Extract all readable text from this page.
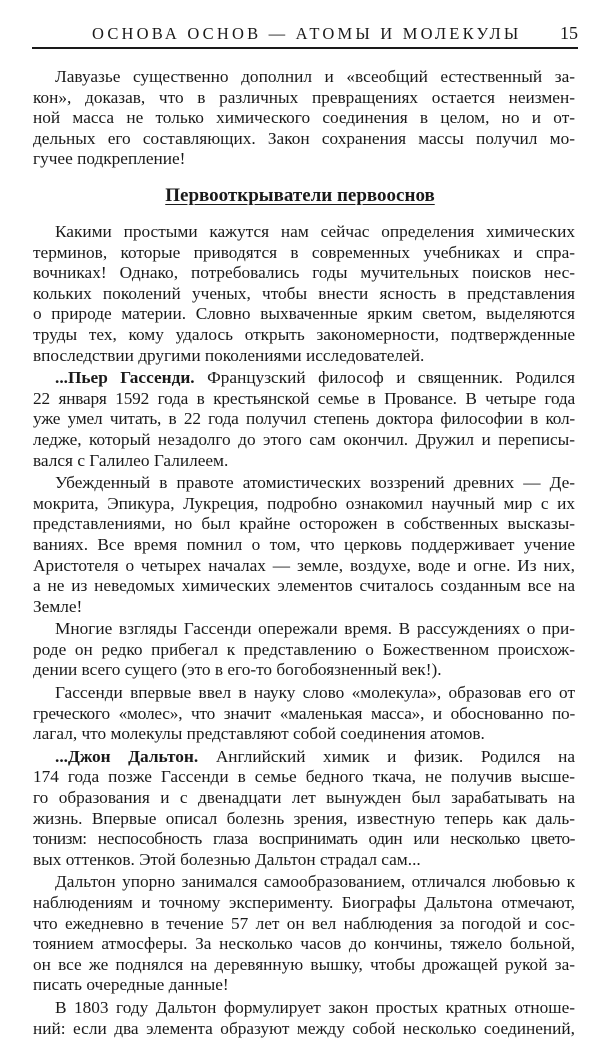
ОСНОВА ОСНОВ — АТОМЫ И МОЛЕКУЛЫ 15
Лавуазье существенно дополнил и «всеобщий естественный за-
кон», доказав, что в различных превращениях остается неизмен-
ной масса не только химического соединения в целом, но и от-
дельных его составляющих. Закон сохранения массы получил мо-
гучее подкрепление!
Первооткрыватели первооснов
Какими простыми кажутся нам сейчас определения химических
терминов, которые приводятся в современных учебниках и спра-
вочниках! Однако, потребовались годы мучительных поисков нес-
кольких поколений ученых, чтобы внести ясность в представления
о природе материи. Словно выхваченные ярким светом, выделяются
труды тех, кому удалось открыть закономерности, подтвержденные
впоследствии другими поколениями исследователей.
...Пьер Гассенди. Французский философ и священник. Родился
22 января 1592 года в крестьянской семье в Провансе. В четыре года
уже умел читать, в 22 года получил степень доктора философии в кол-
ледже, который незадолго до этого сам окончил. Дружил и переписы-
вался с Галилео Галилеем.
Убежденный в правоте атомистических воззрений древних — Де-
мокрита, Эпикура, Лукреция, подробно ознакомил научный мир с их
представлениями, но был крайне осторожен в собственных высказы-
ваниях. Все время помнил о том, что церковь поддерживает учение
Аристотеля о четырех началах — земле, воздухе, воде и огне. Из них,
а не из неведомых химических элементов считалось созданным все на
Земле!
Многие взгляды Гассенди опережали время. В рассуждениях о при-
роде он редко прибегал к представлению о Божественном происхож-
дении всего сущего (это в его-то богобоязненный век!).
Гассенди впервые ввел в науку слово «молекула», образовав его от
греческого «молес», что значит «маленькая масса», и обоснованно по-
лагал, что молекулы представляют собой соединения атомов.
...Джон Дальтон. Английский химик и физик. Родился на
174 года позже Гассенди в семье бедного ткача, не получив высше-
го образования и с двенадцати лет вынужден был зарабатывать на
жизнь. Впервые описал болезнь зрения, известную теперь как даль-
тонизм: неспособность глаза воспринимать один или несколько цвето-
вых оттенков. Этой болезнью Дальтон страдал сам...
Дальтон упорно занимался самообразованием, отличался любовью к
наблюдениям и точному эксперименту. Биографы Дальтона отмечают,
что ежедневно в течение 57 лет он вел наблюдения за погодой и сос-
тоянием атмосферы. За несколько часов до кончины, тяжело больной,
он все же поднялся на деревянную вышку, чтобы дрожащей рукой за-
писать очередные данные!
В 1803 году Дальтон формулирует закон простых кратных отноше-
ний: если два элемента образуют между собой несколько соединений,
